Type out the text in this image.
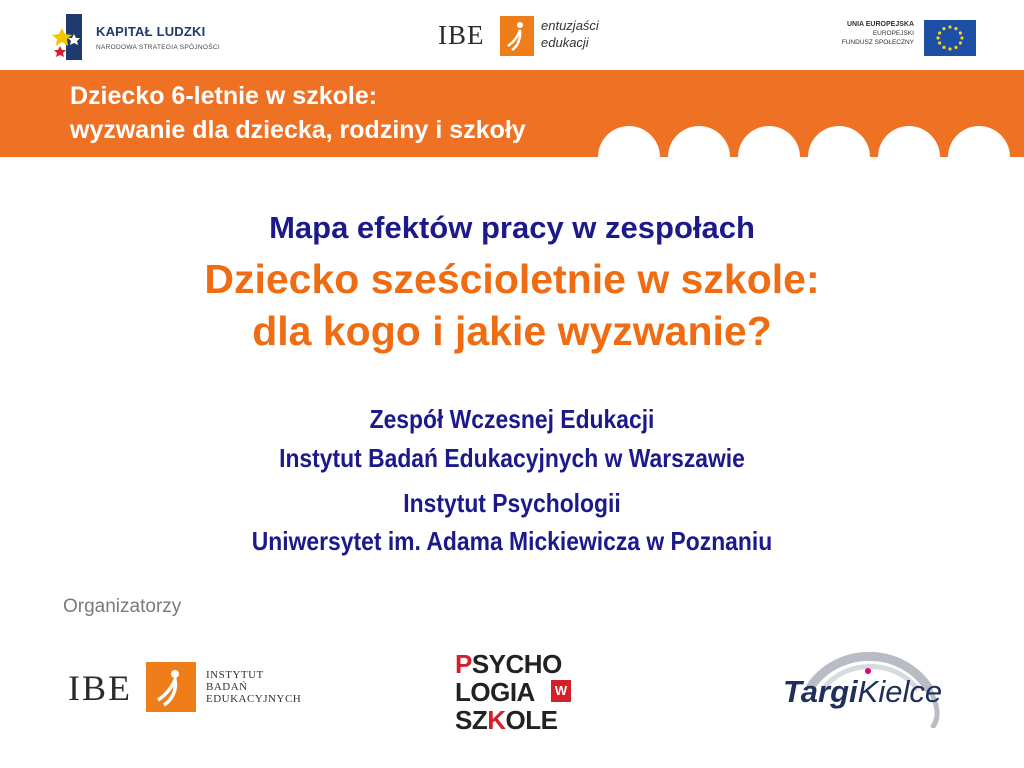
KAPITAŁ LUDZKI
NARODOWA STRATEGIA SPÓJNOŚCI	IBE	entuzjaści
edukacji
UNIA EUROPEJSKA
EUROPEJSKI
FUNDUSZ SPOŁECZNY
Dziecko 6-letnie w szkole:
wyzwanie dla dziecka, rodziny i szkoły
Mapa efektów pracy w zespołach
Dziecko sześcioletnie w szkole:
dla kogo i jakie wyzwanie?
Zespół Wczesnej Edukacji
Instytut Badań Edukacyjnych w Warszawie
Instytut Psychologii
Uniwersytet im. Adama Mickiewicza w Poznaniu
Organizatorzy
IBE	INSTYTUT
BADAŃ
EDUKACYJNYCH
PSYCHO
LOGIA W
SZKOLE
TargiKielce
